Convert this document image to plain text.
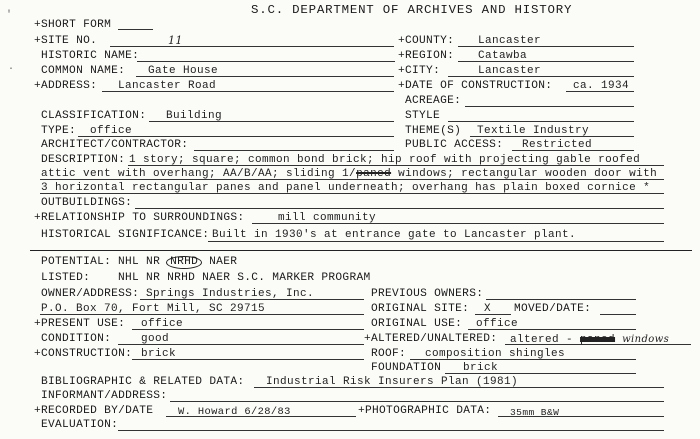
'
.
S.C. DEPARTMENT OF ARCHIVES AND HISTORY
+SHORT FORM
+SITE NO.	11	+COUNTY: Lancaster
HISTORIC NAME:	+REGION: Catawba
COMMON NAME: Gate House	+CITY:	Lancaster
+ADDRESS: Lancaster Road	+DATE OF CONSTRUCTION: ca. 1934
ACREAGE:
CLASSIFICATION: Building	STYLE
TYPE: office	THEME(S) Textile Industry
ARCHITECT/CONTRACTOR:	PUBLIC ACCESS: Restricted
DESCRIPTION: 1 story; square; common bond brick; hip roof with projecting gable roofed
attic vent with overhang; AA/B/AA; sliding 1/paned windows; rectangular wooden door with
3 horizontal rectangular panes and panel underneath; overhang has plain boxed cornice *
OUTBUILDINGS:
+RELATIONSHIP TO SURROUNDINGS:	mill community
HISTORICAL SIGNIFICANCE: Built in 1930's at entrance gate to Lancaster plant.
POTENTIAL: NHL NR NRHD NAER
LISTED: NHL NR NRHD NAER S.C. MARKER PROGRAM
OWNER/ADDRESS: Springs Industries, Inc.	PREVIOUS OWNERS:
P.O. Box 70, Fort Mill, SC 29715	ORIGINAL SITE: X MOVED/DATE:
+PRESENT USE: office	ORIGINAL USE: office
CONDITION:	good	+ALTERED/UNALTERED: altered - paned windows
+CONSTRUCTION: brick	ROOF: composition shingles
FOUNDATION brick
BIBLIOGRAPHIC & RELATED DATA: Industrial Risk Insurers Plan (1981)
INFORMANT/ADDRESS:
+RECORDED BY/DATE W. Howard 6/28/83	+PHOTOGRAPHIC DATA: 35mm B&W
EVALUATION:
